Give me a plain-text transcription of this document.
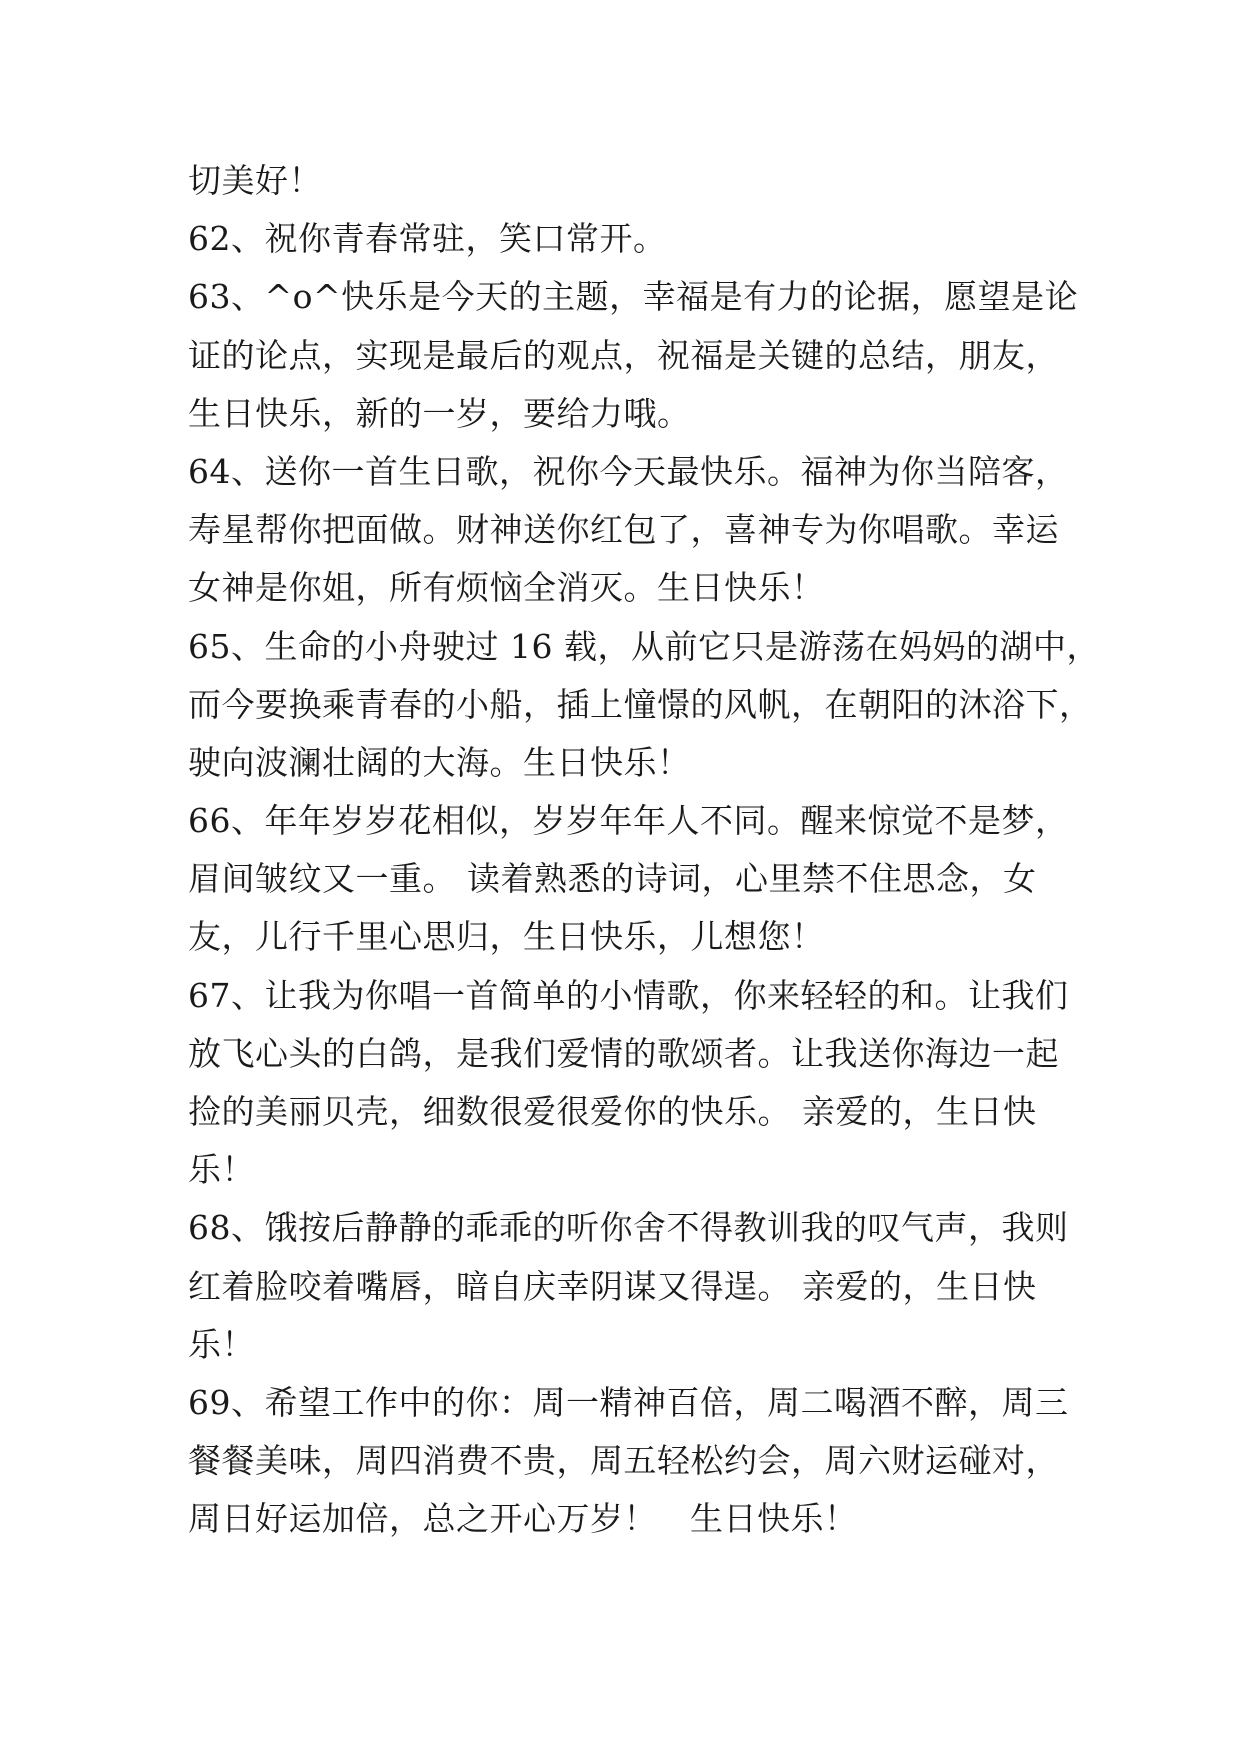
切美好！
62、祝你青春常驻，笑口常开。
63、^o^快乐是今天的主题，幸福是有力的论据，愿望是论
证的论点，实现是最后的观点，祝福是关键的总结，朋友，
生日快乐，新的一岁，要给力哦。
64、送你一首生日歌，祝你今天最快乐。福神为你当陪客，
寿星帮你把面做。财神送你红包了，喜神专为你唱歌。幸运
女神是你姐，所有烦恼全消灭。生日快乐！
65、生命的小舟驶过 16 载，从前它只是游荡在妈妈的湖中，
而今要换乘青春的小船，插上憧憬的风帆，在朝阳的沐浴下，
驶向波澜壮阔的大海。生日快乐！
66、年年岁岁花相似，岁岁年年人不同。醒来惊觉不是梦，
眉间皱纹又一重。 读着熟悉的诗词，心里禁不住思念，女
友，儿行千里心思归，生日快乐，儿想您！
67、让我为你唱一首简单的小情歌，你来轻轻的和。让我们
放飞心头的白鸽，是我们爱情的歌颂者。让我送你海边一起
捡的美丽贝壳，细数很爱很爱你的快乐。 亲爱的，生日快
乐！
68、饿按后静静的乖乖的听你舍不得教训我的叹气声，我则
红着脸咬着嘴唇，暗自庆幸阴谋又得逞。 亲爱的，生日快
乐！
69、希望工作中的你：周一精神百倍，周二喝酒不醉，周三
餐餐美味，周四消费不贵，周五轻松约会，周六财运碰对，
周日好运加倍，总之开心万岁！   生日快乐！
